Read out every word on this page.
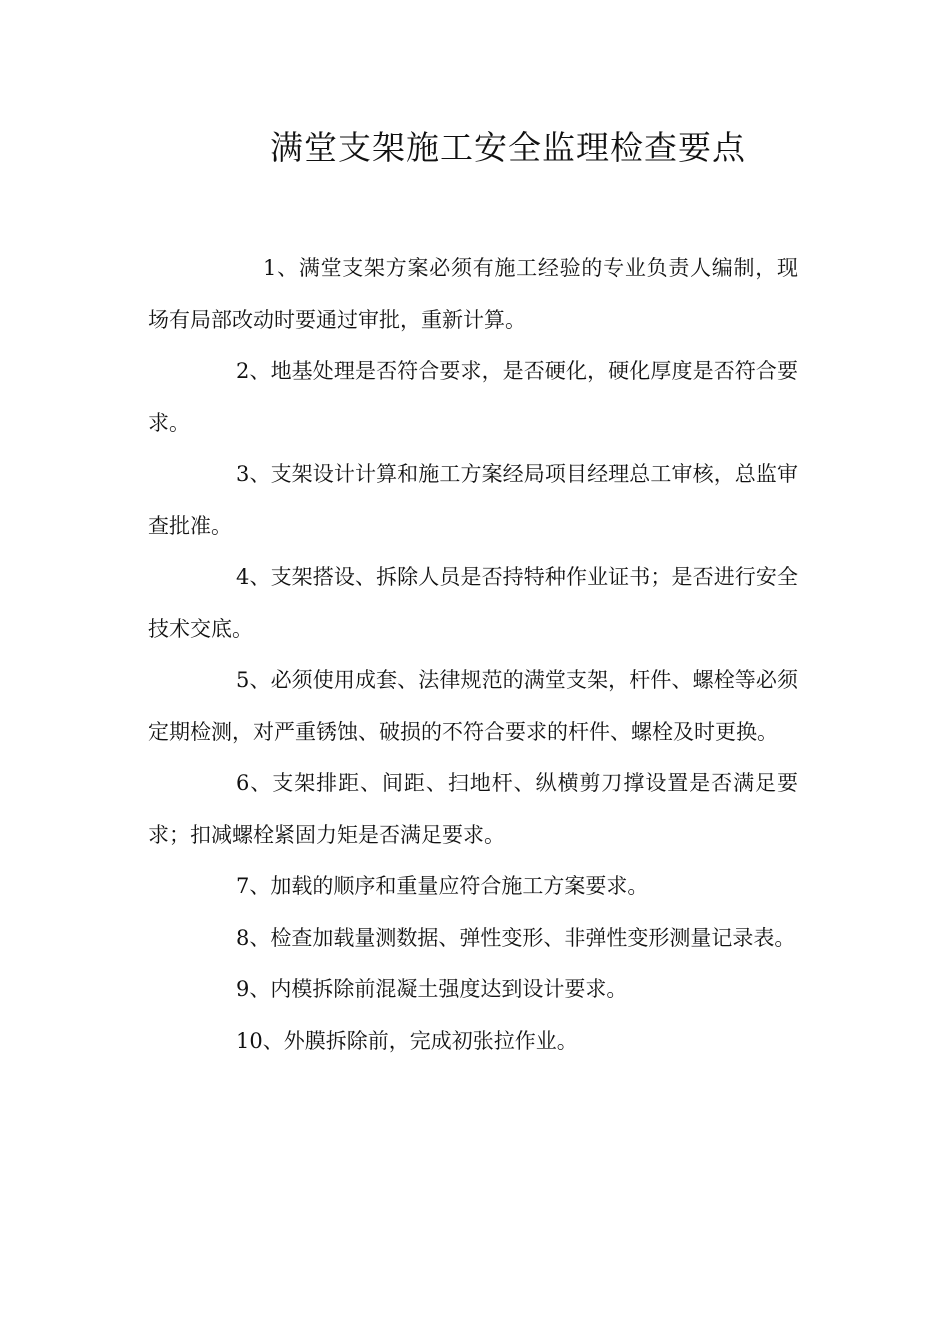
满堂支架施工安全监理检查要点

1、满堂支架方案必须有施工经验的专业负责人编制，现场有局部改动时要通过审批，重新计算。

2、地基处理是否符合要求，是否硬化，硬化厚度是否符合要求。

3、支架设计计算和施工方案经局项目经理总工审核，总监审查批准。

4、支架搭设、拆除人员是否持特种作业证书；是否进行安全技术交底。

5、必须使用成套、法律规范的满堂支架，杆件、螺栓等必须定期检测，对严重锈蚀、破损的不符合要求的杆件、螺栓及时更换。

6、支架排距、间距、扫地杆、纵横剪刀撑设置是否满足要求；扣减螺栓紧固力矩是否满足要求。

7、加载的顺序和重量应符合施工方案要求。

8、检查加载量测数据、弹性变形、非弹性变形测量记录表。

9、内模拆除前混凝土强度达到设计要求。

10、外膜拆除前，完成初张拉作业。
